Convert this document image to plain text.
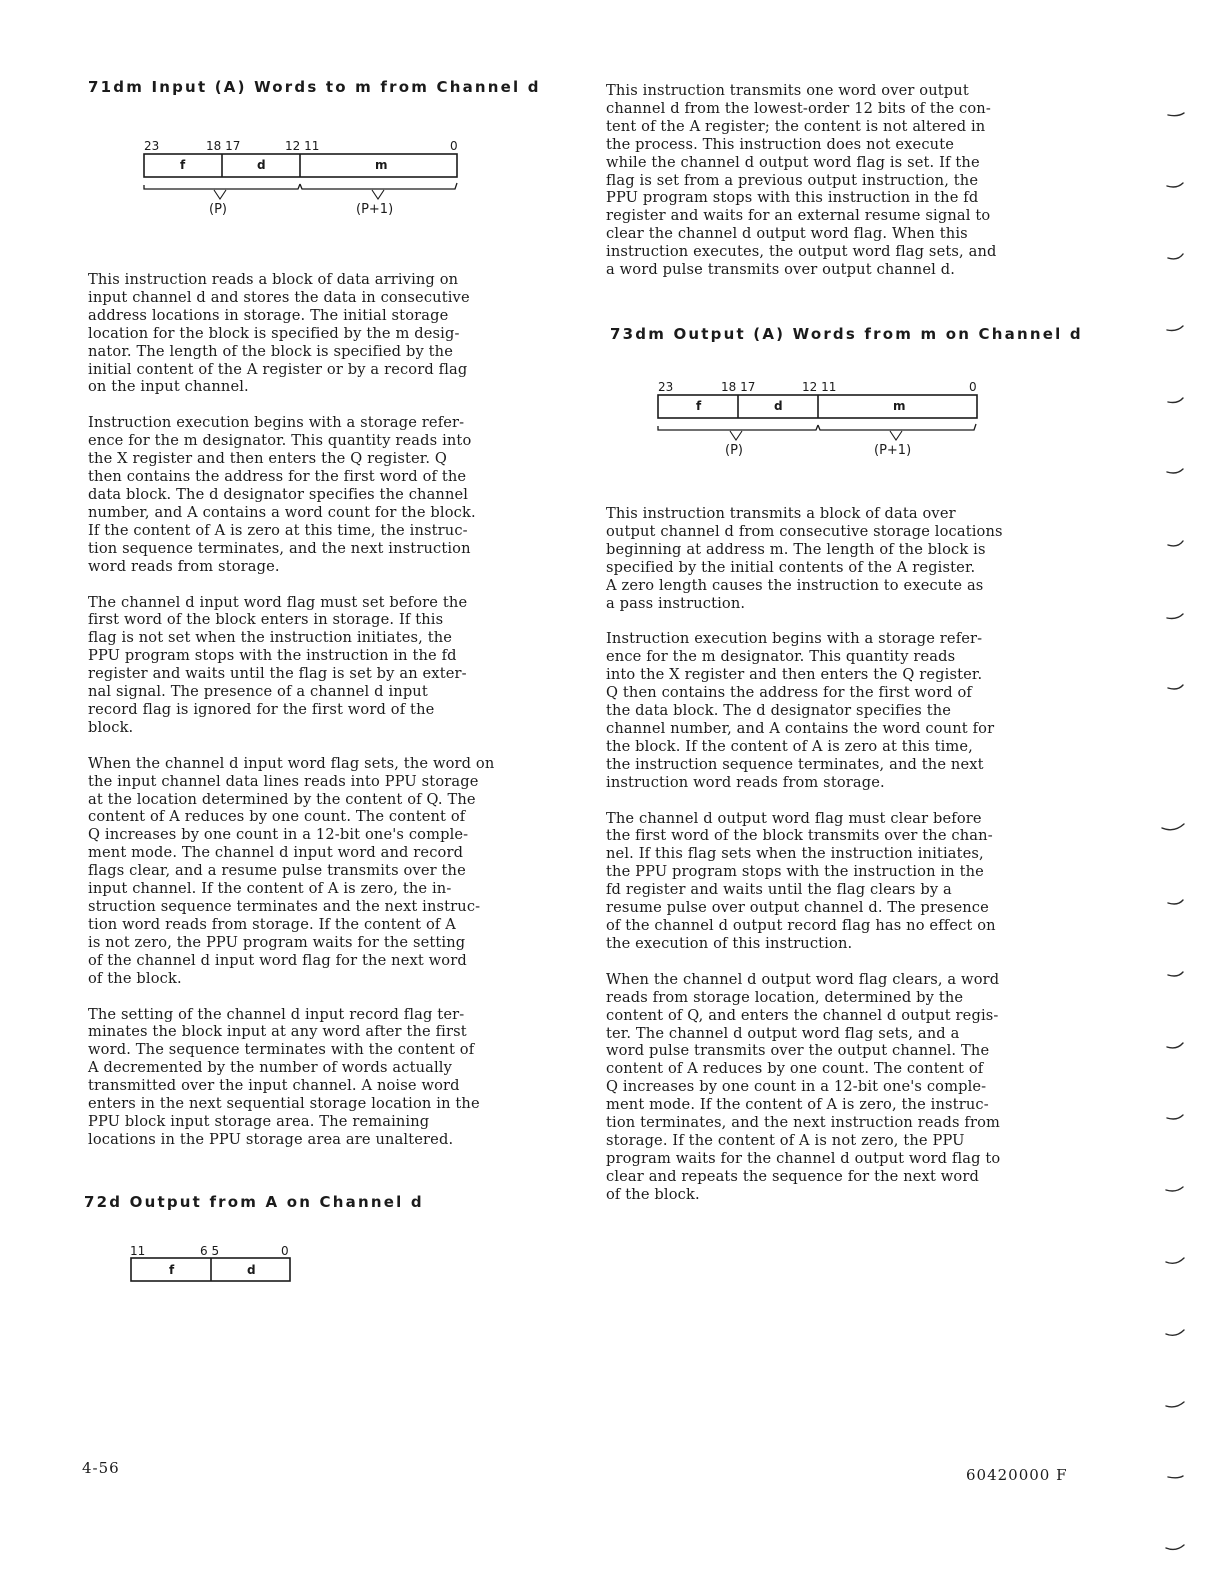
71dm Input (A) Words to m from Channel d
23	18 17	12 11	0
f	d	m
(P)	(P+1)

This instruction reads a block of data arriving on
input channel d and stores the data in consecutive
address locations in storage. The initial storage
location for the block is specified by the m desig-
nator. The length of the block is specified by the
initial content of the A register or by a record flag
on the input channel.

Instruction execution begins with a storage refer-
ence for the m designator. This quantity reads into
the X register and then enters the Q register. Q
then contains the address for the first word of the
data block. The d designator specifies the channel
number, and A contains a word count for the block.
If the content of A is zero at this time, the instruc-
tion sequence terminates, and the next instruction
word reads from storage.

The channel d input word flag must set before the
first word of the block enters in storage. If this
flag is not set when the instruction initiates, the
PPU program stops with the instruction in the fd
register and waits until the flag is set by an exter-
nal signal. The presence of a channel d input
record flag is ignored for the first word of the
block.

When the channel d input word flag sets, the word on
the input channel data lines reads into PPU storage
at the location determined by the content of Q. The
content of A reduces by one count. The content of
Q increases by one count in a 12-bit one's comple-
ment mode. The channel d input word and record
flags clear, and a resume pulse transmits over the
input channel. If the content of A is zero, the in-
struction sequence terminates and the next instruc-
tion word reads from storage. If the content of A
is not zero, the PPU program waits for the setting
of the channel d input word flag for the next word
of the block.

The setting of the channel d input record flag ter-
minates the block input at any word after the first
word. The sequence terminates with the content of
A decremented by the number of words actually
transmitted over the input channel. A noise word
enters in the next sequential storage location in the
PPU block input storage area. The remaining
locations in the PPU storage area are unaltered.

72d Output from A on Channel d
11	6 5	0
f	d

This instruction transmits one word over output
channel d from the lowest-order 12 bits of the con-
tent of the A register; the content is not altered in
the process. This instruction does not execute
while the channel d output word flag is set. If the
flag is set from a previous output instruction, the
PPU program stops with this instruction in the fd
register and waits for an external resume signal to
clear the channel d output word flag. When this
instruction executes, the output word flag sets, and
a word pulse transmits over output channel d.

73dm Output (A) Words from m on Channel d
23	18 17	12 11	0
f	d	m
(P)	(P+1)

This instruction transmits a block of data over
output channel d from consecutive storage locations
beginning at address m. The length of the block is
specified by the initial contents of the A register.
A zero length causes the instruction to execute as
a pass instruction.

Instruction execution begins with a storage refer-
ence for the m designator. This quantity reads
into the X register and then enters the Q register.
Q then contains the address for the first word of
the data block. The d designator specifies the
channel number, and A contains the word count for
the block. If the content of A is zero at this time,
the instruction sequence terminates, and the next
instruction word reads from storage.

The channel d output word flag must clear before
the first word of the block transmits over the chan-
nel. If this flag sets when the instruction initiates,
the PPU program stops with the instruction in the
fd register and waits until the flag clears by a
resume pulse over output channel d. The presence
of the channel d output record flag has no effect on
the execution of this instruction.

When the channel d output word flag clears, a word
reads from storage location, determined by the
content of Q, and enters the channel d output regis-
ter. The channel d output word flag sets, and a
word pulse transmits over the output channel. The
content of A reduces by one count. The content of
Q increases by one count in a 12-bit one's comple-
ment mode. If the content of A is zero, the instruc-
tion terminates, and the next instruction reads from
storage. If the content of A is not zero, the PPU
program waits for the channel d output word flag to
clear and repeats the sequence for the next word
of the block.

4-56	60420000 F
